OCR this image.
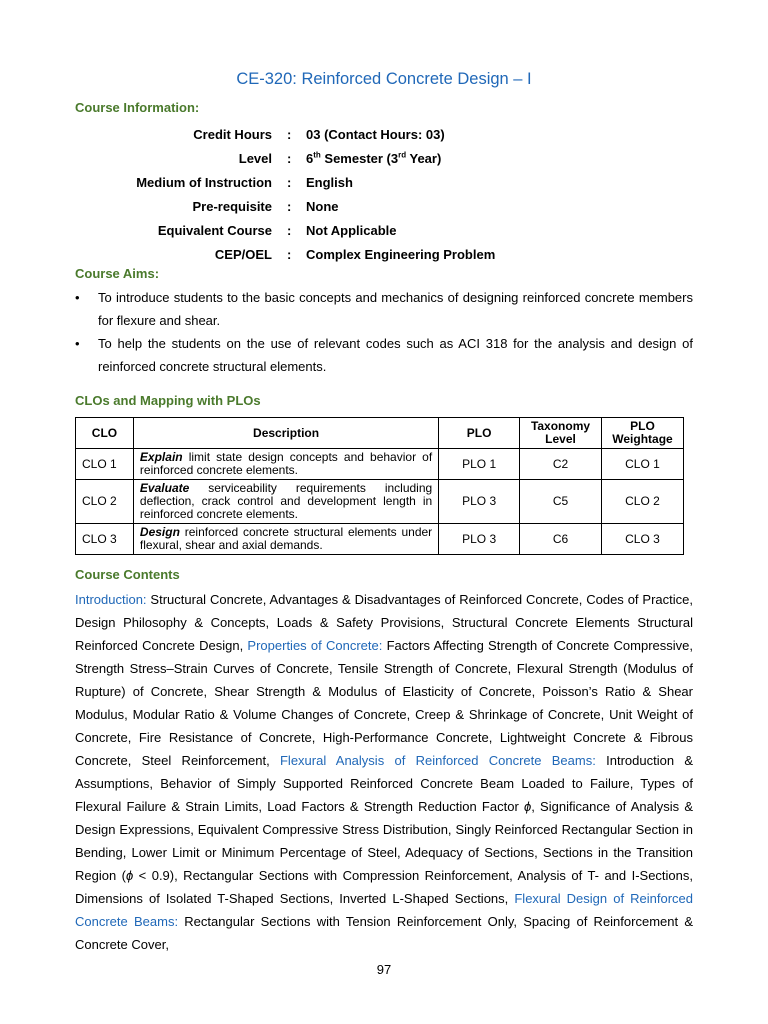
CE-320: Reinforced Concrete Design – I
Course Information:
Credit Hours : 03 (Contact Hours: 03)
Level : 6th Semester (3rd Year)
Medium of Instruction : English
Pre-requisite : None
Equivalent Course : Not Applicable
CEP/OEL : Complex Engineering Problem
Course Aims:
• To introduce students to the basic concepts and mechanics of designing reinforced concrete members for flexure and shear.
• To help the students on the use of relevant codes such as ACI 318 for the analysis and design of reinforced concrete structural elements.
CLOs and Mapping with PLOs
CLO	Description	PLO	Taxonomy Level	PLO Weightage
CLO 1	Explain limit state design concepts and behavior of reinforced concrete elements.	PLO 1	C2	CLO 1
CLO 2	Evaluate serviceability requirements including deflection, crack control and development length in reinforced concrete elements.	PLO 3	C5	CLO 2
CLO 3	Design reinforced concrete structural elements under flexural, shear and axial demands.	PLO 3	C6	CLO 3
Course Contents
Introduction: Structural Concrete, Advantages & Disadvantages of Reinforced Concrete, Codes of Practice, Design Philosophy & Concepts, Loads & Safety Provisions, Structural Concrete Elements Structural Reinforced Concrete Design, Properties of Concrete: Factors Affecting Strength of Concrete Compressive, Strength Stress–Strain Curves of Concrete, Tensile Strength of Concrete, Flexural Strength (Modulus of Rupture) of Concrete, Shear Strength & Modulus of Elasticity of Concrete, Poisson’s Ratio & Shear Modulus, Modular Ratio & Volume Changes of Concrete, Creep & Shrinkage of Concrete, Unit Weight of Concrete, Fire Resistance of Concrete, High-Performance Concrete, Lightweight Concrete & Fibrous Concrete, Steel Reinforcement, Flexural Analysis of Reinforced Concrete Beams: Introduction & Assumptions, Behavior of Simply Supported Reinforced Concrete Beam Loaded to Failure, Types of Flexural Failure & Strain Limits, Load Factors & Strength Reduction Factor ϕ, Significance of Analysis & Design Expressions, Equivalent Compressive Stress Distribution, Singly Reinforced Rectangular Section in Bending, Lower Limit or Minimum Percentage of Steel, Adequacy of Sections, Sections in the Transition Region (ϕ < 0.9), Rectangular Sections with Compression Reinforcement, Analysis of T- and I-Sections, Dimensions of Isolated T-Shaped Sections, Inverted L-Shaped Sections, Flexural Design of Reinforced Concrete Beams: Rectangular Sections with Tension Reinforcement Only, Spacing of Reinforcement & Concrete Cover,
97
